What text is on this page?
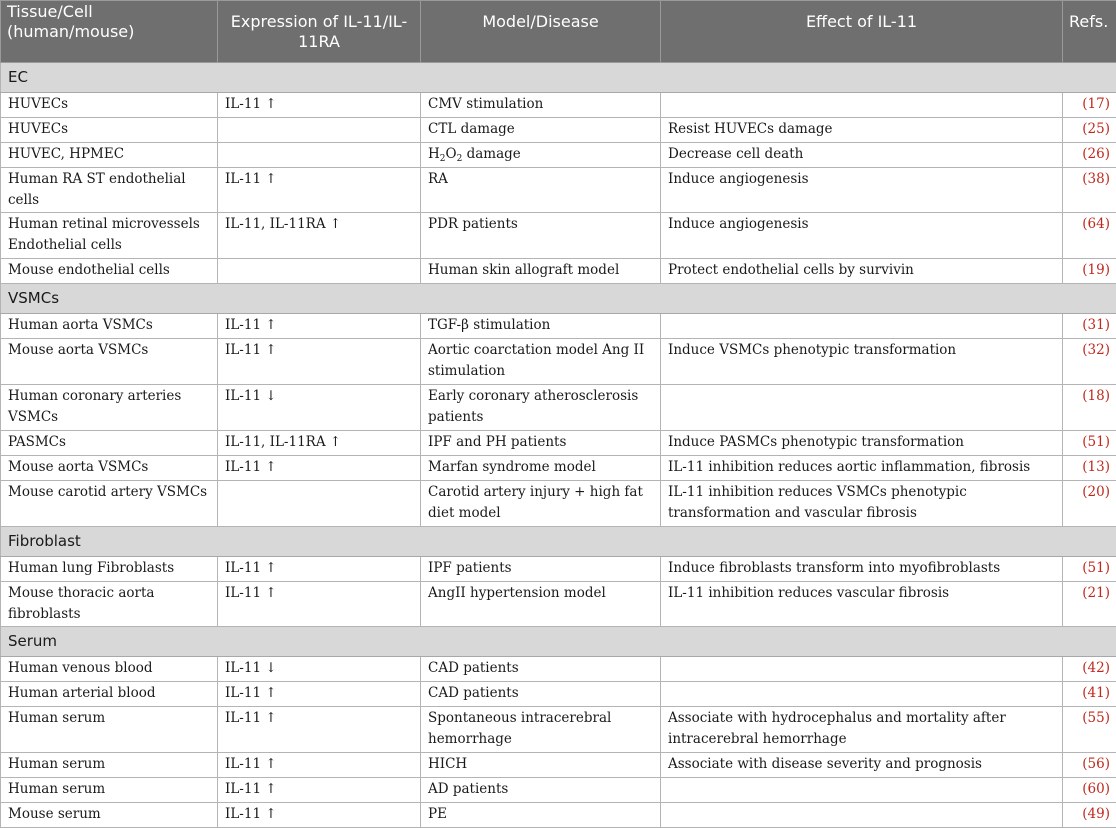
Tissue/Cell (human/mouse)	Expression of IL-11/IL-11RA	Model/Disease	Effect of IL-11	Refs.
EC				
HUVECs	IL-11 ↑	CMV stimulation		(17)
HUVECs		CTL damage	Resist HUVECs damage	(25)
HUVEC, HPMEC		$H_2O_2$ damage	Decrease cell death	(26)
Human RA ST endothelial cells	IL-11 ↑	RA	Induce angiogenesis	(38)
Human retinal microvessels Endothelial cells	IL-11, IL-11RA ↑	PDR patients	Induce angiogenesis	(64)
Mouse endothelial cells		Human skin allograft model	Protect endothelial cells by survivin	(19)
VSMCs				
Human aorta VSMCs	IL-11 ↑	TGF-β stimulation		(31)
Mouse aorta VSMCs	IL-11 ↑	Aortic coarctation model Ang II stimulation	Induce VSMCs phenotypic transformation	(32)
Human coronary arteries VSMCs	IL-11 ↓	Early coronary atherosclerosis patients		(18)
PASMCs	IL-11, IL-11RA ↑	IPF and PH patients	Induce PASMCs phenotypic transformation	(51)
Mouse aorta VSMCs	IL-11 ↑	Marfan syndrome model	IL-11 inhibition reduces aortic inflammation, fibrosis	(13)
Mouse carotid artery VSMCs		Carotid artery injury + high fat diet model	IL-11 inhibition reduces VSMCs phenotypic transformation and vascular fibrosis	(20)
Fibroblast				
Human lung Fibroblasts	IL-11 ↑	IPF patients	Induce fibroblasts transform into myofibroblasts	(51)
Mouse thoracic aorta fibroblasts	IL-11 ↑	AngII hypertension model	IL-11 inhibition reduces vascular fibrosis	(21)
Serum				
Human venous blood	IL-11 ↓	CAD patients		(42)
Human arterial blood	IL-11 ↑	CAD patients		(41)
Human serum	IL-11 ↑	Spontaneous intracerebral hemorrhage	Associate with hydrocephalus and mortality after intracerebral hemorrhage	(55)
Human serum	IL-11 ↑	HICH	Associate with disease severity and prognosis	(56)
Human serum	IL-11 ↑	AD patients		(60)
Mouse serum	IL-11 ↑	PE		(49)
